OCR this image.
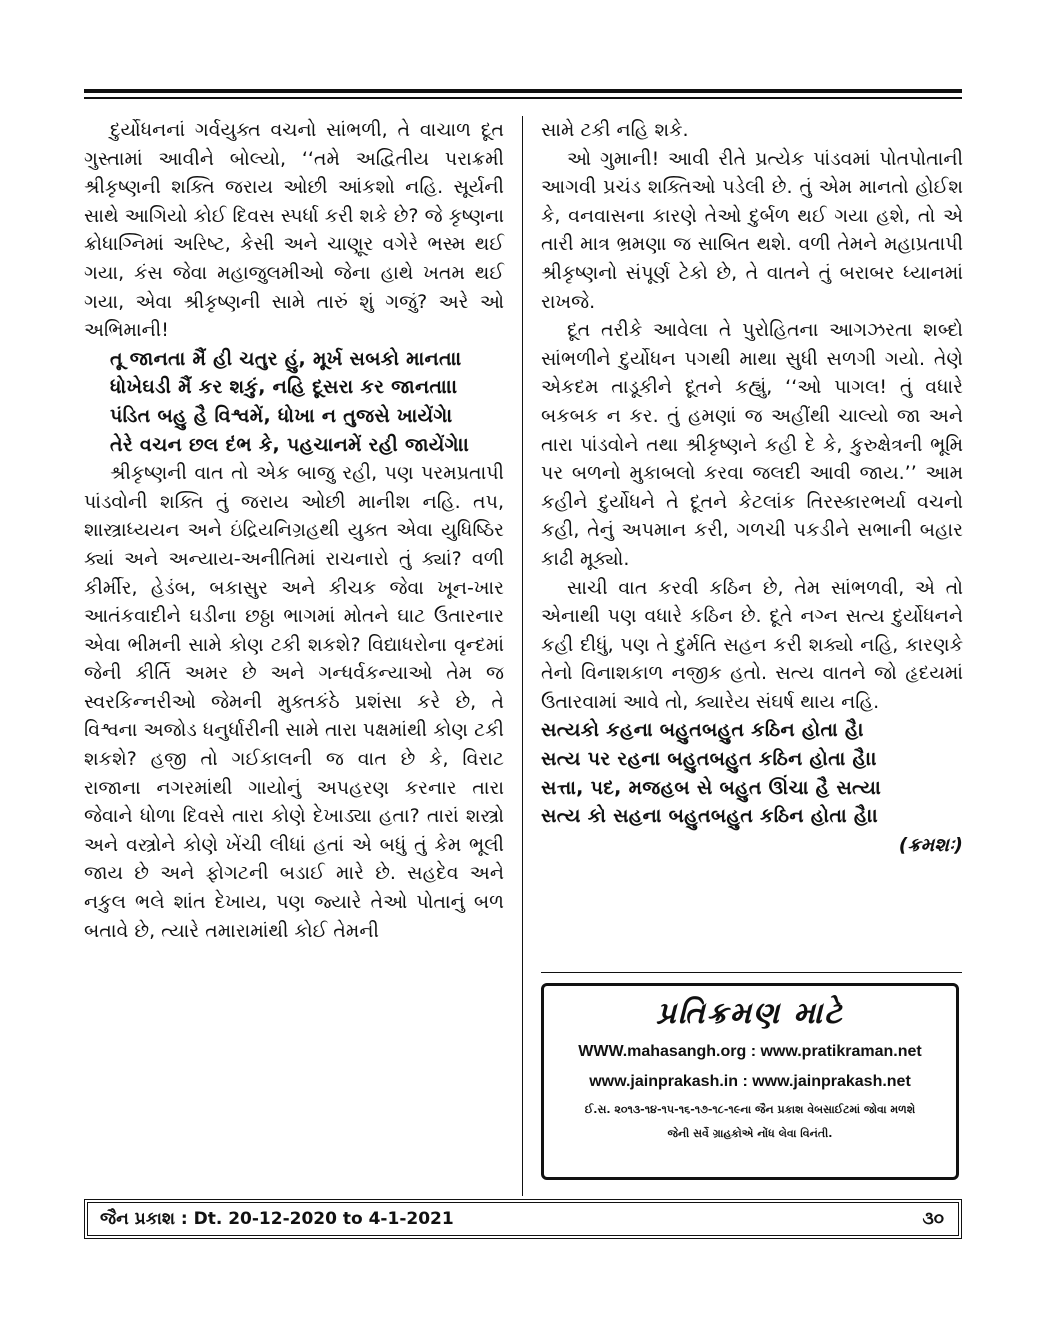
દુર્યોધનનાં ગર્વયુક્ત વચનો સાંભળી, તે વાચાળ દૂત ગુસ્તામાં આવીને બોલ્યો, ‘‘તમે અદ્વિતીય પરાક્રમી શ્રીકૃષ્ણની શક્તિ જરાય ઓછી આંકશો નહિ. સૂર્યની સાથે આગિયો કોઈ દિવસ સ્પર્ધા કરી શકે છે? જે કૃષ્ણના ક્રોધાગ્નિમાં અરિષ્ટ, કેસી અને ચાણૂર વગેરે ભસ્મ થઈ ગયા, કંસ જેવા મહાજુલમીઓ જેના હાથે ખતમ થઈ ગયા, એવા શ્રીકૃષ્ણની સામે તારું શું ગજું? અરે ઓ અભિમાની!

તૂ જાનતા મૈં હી ચતુર હું, મૂર્ખ સબકો માનતા।

ધોખેઘડી મૈં કર શકું, નહિ દૂસરા કર જાનતા।।

પંડિત બહુ હૈ વિશ્વમેં, ધોખા ન તુજસે ખાયેંગે।

તેરે વચન છલ દંભ કે, પહચાનમેં રહી જાયેંગે।।

શ્રીકૃષ્ણની વાત તો એક બાજુ રહી, પણ પરમપ્રતાપી પાંડવોની શક્તિ તું જરાય ઓછી માનીશ નહિ. તપ, શાસ્ત્રાધ્યયન અને ઇંદ્રિયનિગ્રહથી યુક્ત એવા યુધિષ્ઠિર ક્યાં અને અન્યાય-અનીતિમાં રાચનારો તું ક્યાં? વળી કીર્મીર, હેડંબ, બકાસુર અને કીચક જેવા ખૂન-ખાર આતંકવાદીને ઘડીના છઠ્ઠા ભાગમાં મોતને ઘાટ ઉતારનાર એવા ભીમની સામે કોણ ટકી શકશે? વિદ્યાધરોના વૃન્દમાં જેની કીર્તિ અમર છે અને ગન્ધર્વકન્યાઓ તેમ જ સ્વરકિન્નરીઓ જેમની મુક્તકંઠે પ્રશંસા કરે છે, તે વિશ્વના અજોડ ધનુર્ધારીની સામે તારા પક્ષમાંથી કોણ ટકી શકશે? હજી તો ગઈકાલની જ વાત છે કે, વિરાટ રાજાના નગરમાંથી ગાયોનું અપહરણ કરનાર તારા જેવાને ધોળા દિવસે તારા કોણે દેખાડ્યા હતા? તારાં શસ્ત્રો અને વસ્ત્રોને કોણે ખેંચી લીધાં હતાં એ બધું તું કેમ ભૂલી જાય છે અને ફોગટની બડાઈ મારે છે. સહદેવ અને નકુલ ભલે શાંત દેખાય, પણ જ્યારે તેઓ પોતાનું બળ બતાવે છે, ત્યારે તમારામાંથી કોઈ તેમની

સામે ટકી નહિ શકે.

ઓ ગુમાની! આવી રીતે પ્રત્યેક પાંડવમાં પોતપોતાની આગવી પ્રચંડ શક્તિઓ પડેલી છે. તું એમ માનતો હોઈશ કે, વનવાસના કારણે તેઓ દુર્બળ થઈ ગયા હશે, તો એ તારી માત્ર ભ્રમણા જ સાબિત થશે. વળી તેમને મહાપ્રતાપી શ્રીકૃષ્ણનો સંપૂર્ણ ટેકો છે, તે વાતને તું બરાબર ધ્યાનમાં રાખજે.

દૂત તરીકે આવેલા તે પુરોહિતના આગઝરતા શબ્દો સાંભળીને દુર્યોધન પગથી માથા સુધી સળગી ગયો. તેણે એકદમ તાડૂકીને દૂતને કહ્યું, ‘‘ઓ પાગલ! તું વધારે બકબક ન કર. તું હમણાં જ અહીંથી ચાલ્યો જા અને તારા પાંડવોને તથા શ્રીકૃષ્ણને કહી દે કે, કુરુક્ષેત્રની ભૂમિ પર બળનો મુકાબલો કરવા જલદી આવી જાય.’’ આમ કહીને દુર્યોધને તે દૂતને કેટલાંક તિરસ્કારભર્યા વચનો કહી, તેનું અપમાન કરી, ગળચી પકડીને સભાની બહાર કાઢી મૂક્યો.

સાચી વાત કરવી કઠિન છે, તેમ સાંભળવી, એ તો એનાથી પણ વધારે કઠિન છે. દૂતે નગ્ન સત્ય દુર્યોધનને કહી દીધું, પણ તે દુર્મતિ સહન કરી શક્યો નહિ, કારણકે તેનો વિનાશકાળ નજીક હતો. સત્ય વાતને જો હૃદયમાં ઉતારવામાં આવે તો, ક્યારેય સંઘર્ષ થાય નહિ.

સત્યકો કહના બહુતબહુત કઠિન હોતા હૈ।

સત્ય પર રહના બહુતબહુત કઠિન હોતા હૈ।।

સત્તા, પદ, મજહબ સે બહુત ઊંચા હૈ સત્ય।

સત્ય કો સહના બહુતબહુત કઠિન હોતા હૈ।।

(ક્રમશઃ)

પ્રતિક્રમણ માટે
WWW.mahasangh.org : www.pratikraman.net
www.jainprakash.in : www.jainprakash.net
ઈ.સ. ૨૦૧૩-૧૪-૧૫-૧૬-૧૭-૧૮-૧૯ના જૈન પ્રકાશ વેબસાઈટમાં જોવા મળશે
જેની સર્વે ગ્રાહકોએ નોંધ લેવા વિનંતી.
જૈન પ્રકાશ : Dt. 20-12-2020 to 4-1-2021	૩૦
